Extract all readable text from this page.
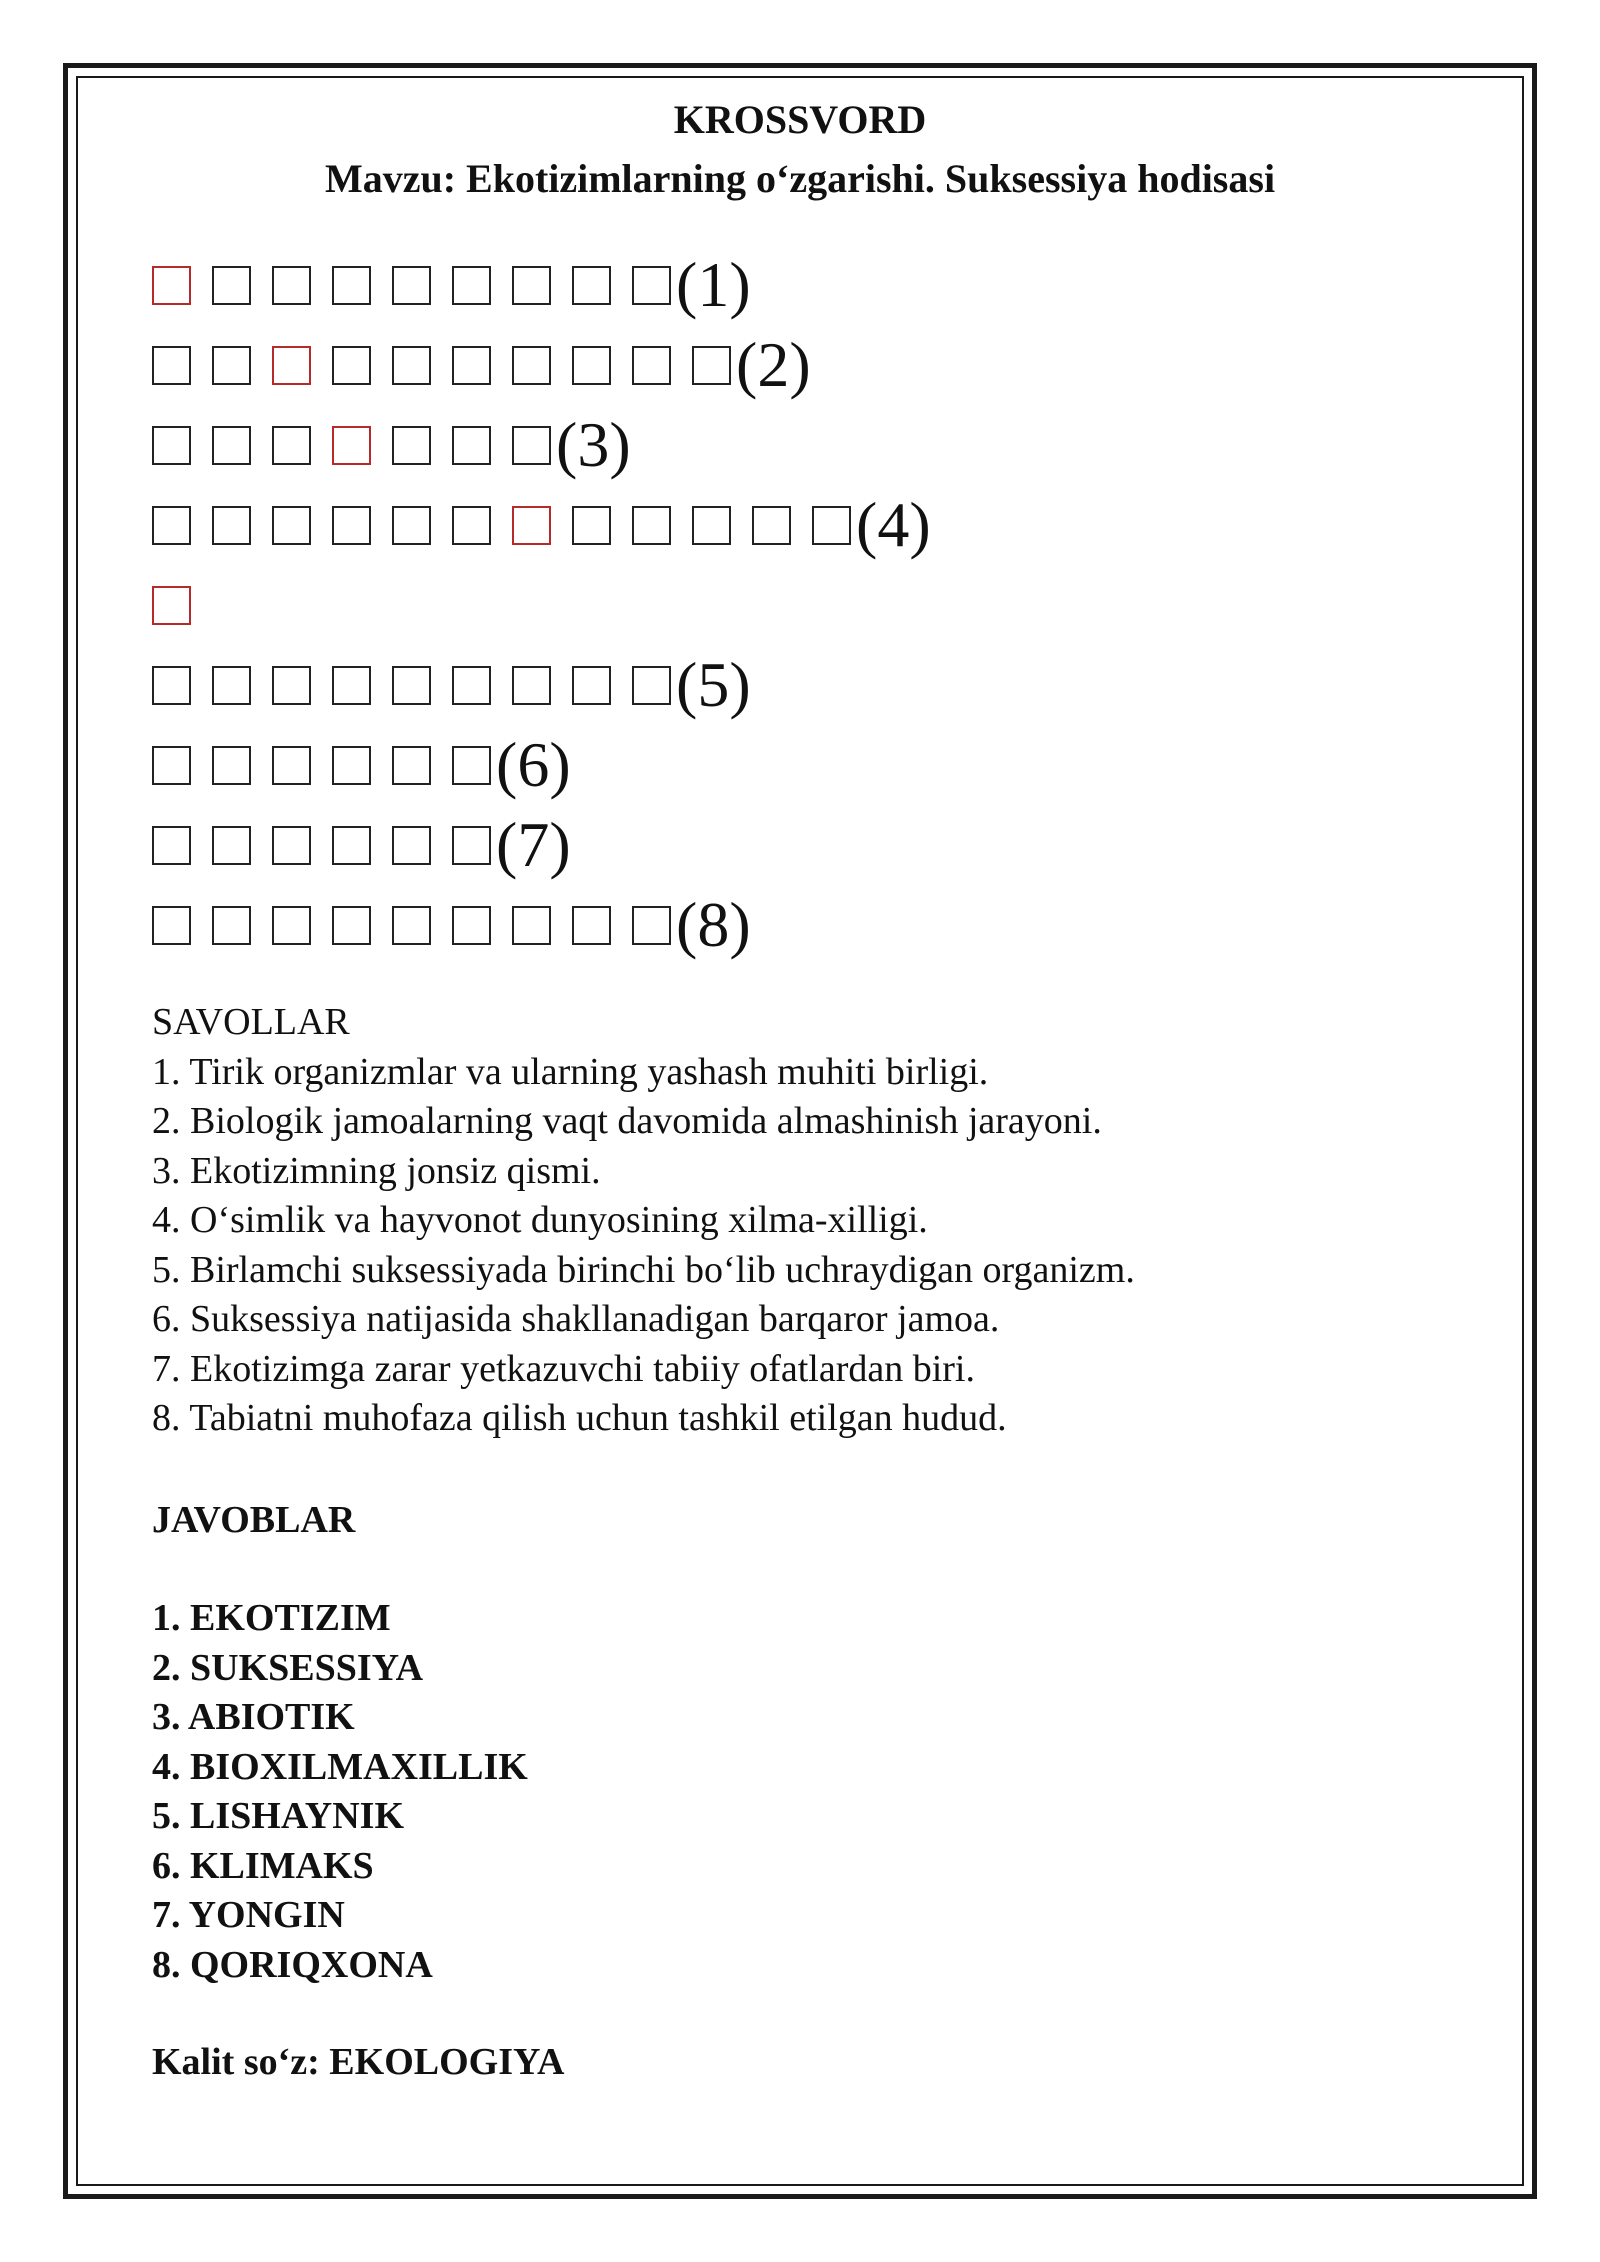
KROSSVORD
Mavzu: Ekotizimlarning o‘zgarishi. Suksessiya hodisasi
(1)
(2)
(3)
(4)
(5)
(6)
(7)
(8)
SAVOLLAR
1. Tirik organizmlar va ularning yashash muhiti birligi.
2. Biologik jamoalarning vaqt davomida almashinish jarayoni.
3. Ekotizimning jonsiz qismi.
4. O‘simlik va hayvonot dunyosining xilma-xilligi.
5. Birlamchi suksessiyada birinchi bo‘lib uchraydigan organizm.
6. Suksessiya natijasida shakllanadigan barqaror jamoa.
7. Ekotizimga zarar yetkazuvchi tabiiy ofatlardan biri.
8. Tabiatni muhofaza qilish uchun tashkil etilgan hudud.
JAVOBLAR
1. EKOTIZIM
2. SUKSESSIYA
3. ABIOTIK
4. BIOXILMAXILLIK
5. LISHAYNIK
6. KLIMAKS
7. YONGIN
8. QORIQXONA
Kalit so‘z: EKOLOGIYA
